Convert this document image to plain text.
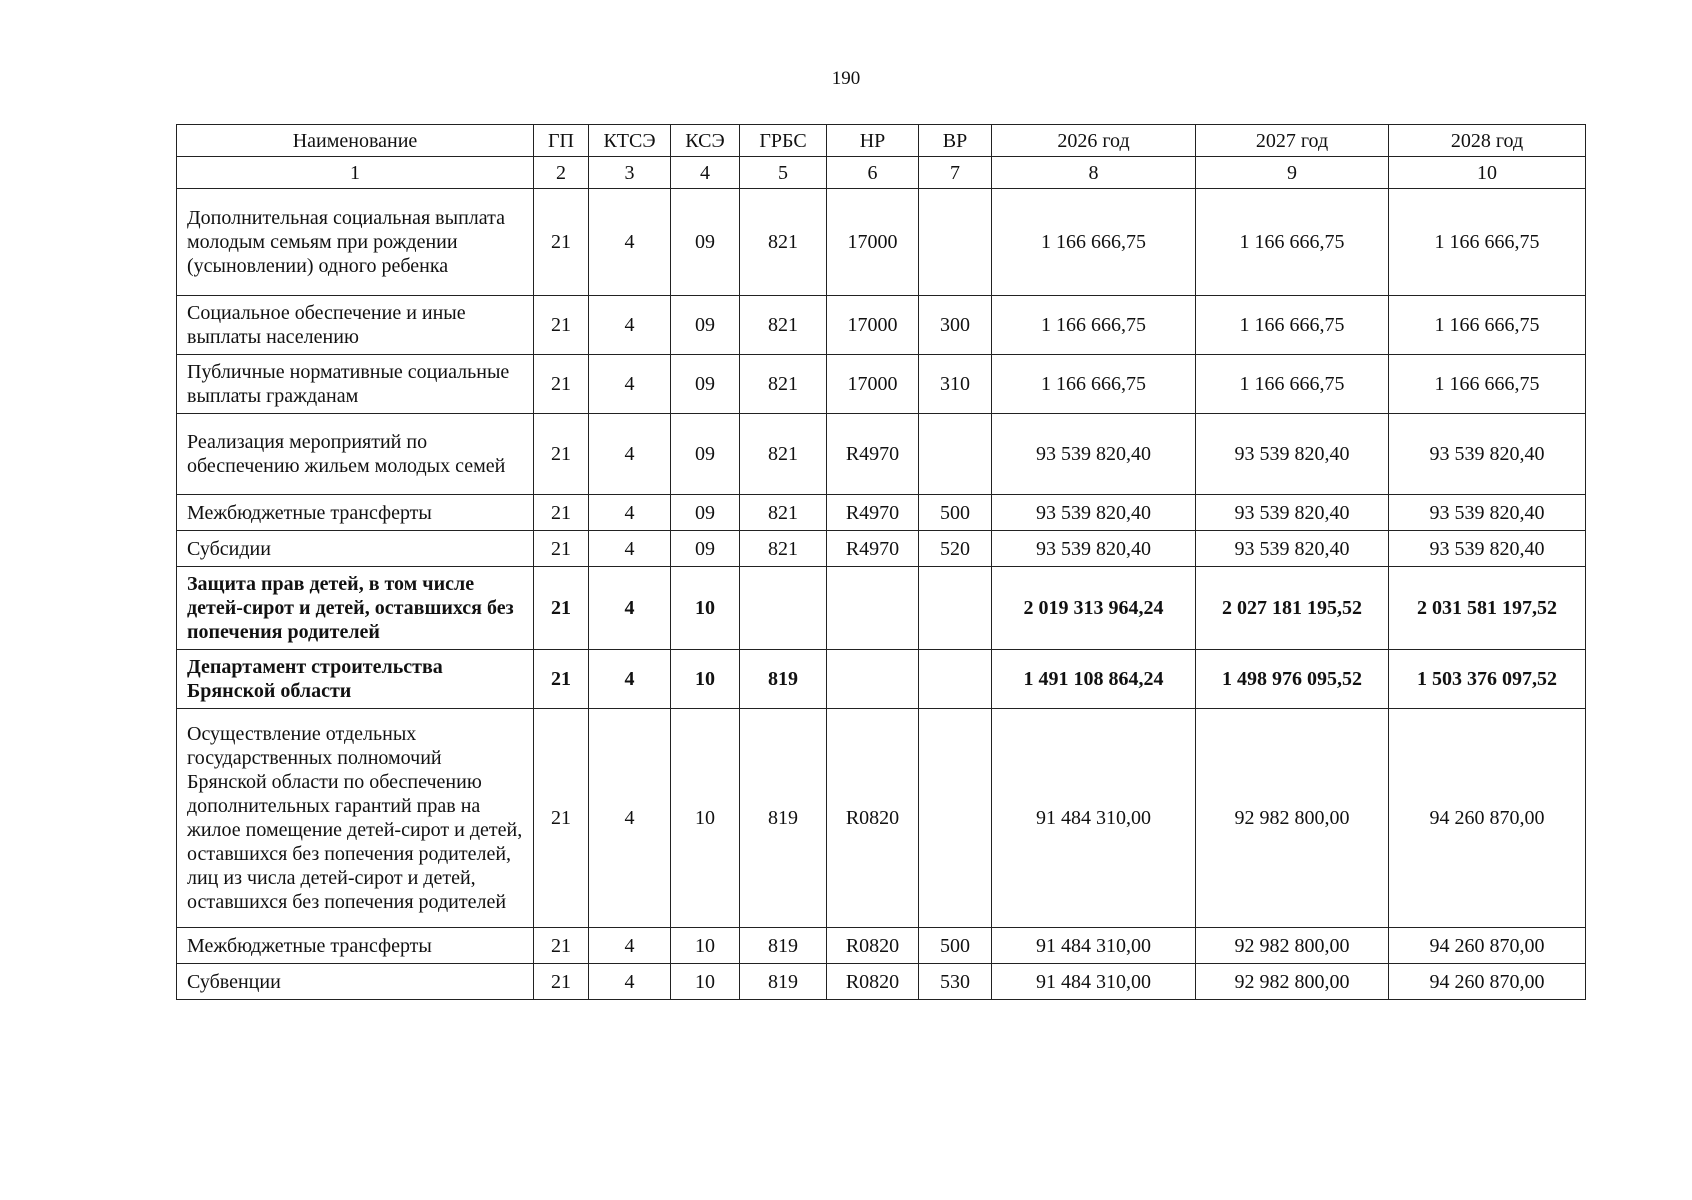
190
Наименование	ГП	КТСЭ	КСЭ	ГРБС	НР	ВР	2026 год	2027 год	2028 год
1	2	3	4	5	6	7	8	9	10
Дополнительная социальная выплата молодым семьям при рождении (усыновлении) одного ребенка	21	4	09	821	17000		1 166 666,75	1 166 666,75	1 166 666,75
Социальное обеспечение и иные выплаты населению	21	4	09	821	17000	300	1 166 666,75	1 166 666,75	1 166 666,75
Публичные нормативные социальные выплаты гражданам	21	4	09	821	17000	310	1 166 666,75	1 166 666,75	1 166 666,75
Реализация мероприятий по обеспечению жильем молодых семей	21	4	09	821	R4970		93 539 820,40	93 539 820,40	93 539 820,40
Межбюджетные трансферты	21	4	09	821	R4970	500	93 539 820,40	93 539 820,40	93 539 820,40
Субсидии	21	4	09	821	R4970	520	93 539 820,40	93 539 820,40	93 539 820,40
Защита прав детей, в том числе детей-сирот и детей, оставшихся без попечения родителей	21	4	10				2 019 313 964,24	2 027 181 195,52	2 031 581 197,52
Департамент строительства Брянской области	21	4	10	819			1 491 108 864,24	1 498 976 095,52	1 503 376 097,52
Осуществление отдельных государственных полномочий Брянской области по обеспечению дополнительных гарантий прав на жилое помещение детей-сирот и детей, оставшихся без попечения родителей, лиц из числа детей-сирот и детей, оставшихся без попечения родителей	21	4	10	819	R0820		91 484 310,00	92 982 800,00	94 260 870,00
Межбюджетные трансферты	21	4	10	819	R0820	500	91 484 310,00	92 982 800,00	94 260 870,00
Субвенции	21	4	10	819	R0820	530	91 484 310,00	92 982 800,00	94 260 870,00
